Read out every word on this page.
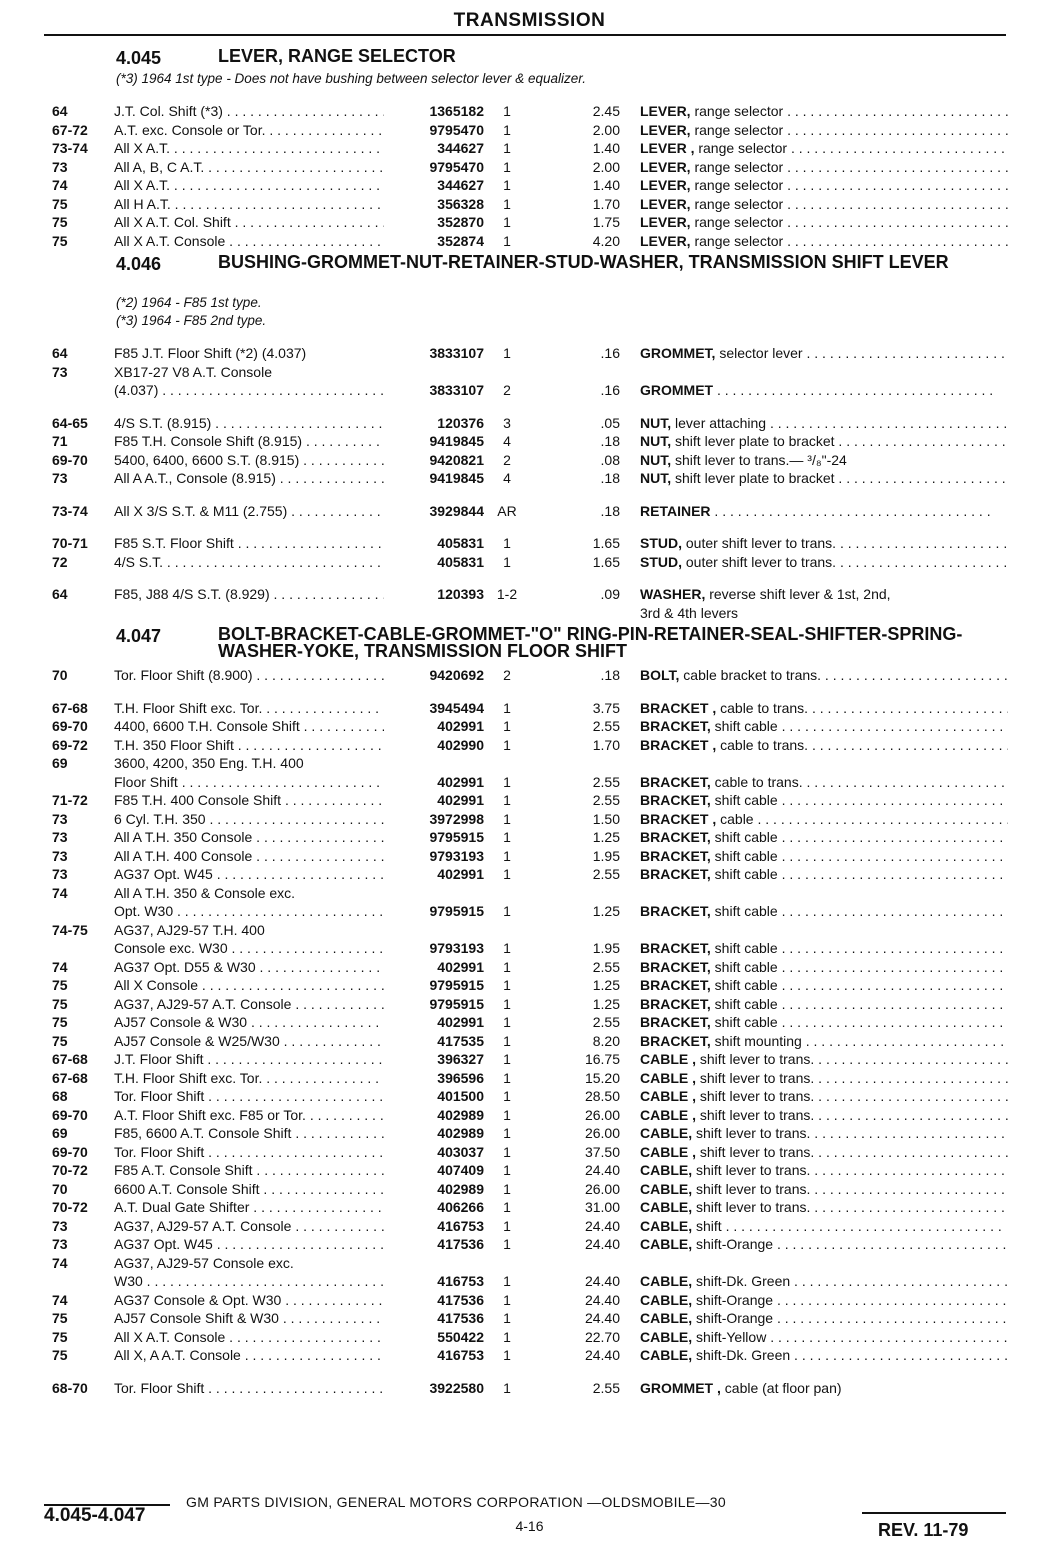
TRANSMISSION
4.045	LEVER, RANGE SELECTOR
(*3) 1964 1st type - Does not have bushing between selector lever & equalizer.
64	J.T. Col. Shift (*3) . . .	1365182	1	2.45 LEVER, range selector . . .
67-72 A.T. exc. Console or Tor. . . .	9795470	1	2.00 LEVER, range selector . . .
73-74 All X A.T. . . .	344627	1	1.40 LEVER , range selector . . .
73	All A, B, C A.T. . . .	9795470	1	2.00 LEVER, range selector . . .
74	All X A.T. . . .	344627	1	1.40 LEVER, range selector . . .
75	All H A.T. . . .	356328	1	1.70 LEVER, range selector . . .
75	All X A.T. Col. Shift . . .	352870	1	1.75 LEVER, range selector . . .
75	All X A.T. Console . . .	352874	1	4.20 LEVER, range selector . . .
4.046	BUSHING-GROMMET-NUT-RETAINER-STUD-WASHER, TRANSMISSION SHIFT LEVER
(*2) 1964 - F85 1st type.
(*3) 1964 - F85 2nd type.
64	F85 J.T. Floor Shift (*2) (4.037)	3833107	1	.16 GROMMET, selector lever . . .
73	XB17-27 V8 A.T. Console
(4.037) . . .	3833107	2	.16 GROMMET . . .
64-65 4/S S.T. (8.915) . . .	120376	3	.05 NUT, lever attaching . . .
71	F85 T.H. Console Shift (8.915) . . .	9419845	4	.18 NUT, shift lever plate to bracket . . .
69-70 5400, 6400, 6600 S.T. (8.915) . . .	9420821	2	.08 NUT, shift lever to trans.— ³/₈"-24
73	All A A.T., Console (8.915) . . .	9419845	4	.18 NUT, shift lever plate to bracket . . .
73-74 All X 3/S S.T. & M11 (2.755) . . .	3929844 AR	.18 RETAINER . . .
70-71 F85 S.T. Floor Shift . . .	405831	1	1.65 STUD, outer shift lever to trans. . . .
72	4/S S.T. . . .	405831	1	1.65 STUD, outer shift lever to trans. . . .
64	F85, J88 4/S S.T. (8.929) . . .	120393 1-2	.09 WASHER, reverse shift lever & 1st, 2nd,
3rd & 4th levers
4.047	BOLT-BRACKET-CABLE-GROMMET-"O" RING-PIN-RETAINER-SEAL-SHIFTER-SPRING-WASHER-YOKE, TRANSMISSION FLOOR SHIFT
70	Tor. Floor Shift (8.900) . . .	9420692	2	.18 BOLT, cable bracket to trans. . . .
67-68 T.H. Floor Shift exc. Tor. . . .	3945494	1	3.75 BRACKET , cable to trans. . . .
69-70 4400, 6600 T.H. Console Shift . . .	402991	1	2.55 BRACKET, shift cable . . .
69-72 T.H. 350 Floor Shift . . .	402990	1	1.70 BRACKET , cable to trans. . . .
69	3600, 4200, 350 Eng. T.H. 400
Floor Shift . . .	402991	1	2.55 BRACKET, cable to trans. . . .
71-72 F85 T.H. 400 Console Shift . . .	402991	1	2.55 BRACKET, shift cable . . .
73	6 Cyl. T.H. 350 . . .	3972998	1	1.50 BRACKET , cable . . .
73	All A T.H. 350 Console . . .	9795915	1	1.25 BRACKET, shift cable . . .
73	All A T.H. 400 Console . . .	9793193	1	1.95 BRACKET, shift cable . . .
73	AG37 Opt. W45 . . .	402991	1	2.55 BRACKET, shift cable . . .
74	All A T.H. 350 & Console exc.
Opt. W30 . . .	9795915	1	1.25 BRACKET, shift cable . . .
74-75 AG37, AJ29-57 T.H. 400
Console exc. W30 . . .	9793193	1	1.95 BRACKET, shift cable . . .
74	AG37 Opt. D55 & W30 . . .	402991	1	2.55 BRACKET, shift cable . . .
75	All X Console . . .	9795915	1	1.25 BRACKET, shift cable . . .
75	AG37, AJ29-57 A.T. Console . . .	9795915	1	1.25 BRACKET, shift cable . . .
75	AJ57 Console & W30 . . .	402991	1	2.55 BRACKET, shift cable . . .
75	AJ57 Console & W25/W30 . . .	417535	1	8.20 BRACKET, shift mounting . . .
67-68 J.T. Floor Shift . . .	396327	1	16.75 CABLE , shift lever to trans. . . .
67-68 T.H. Floor Shift exc. Tor. . . .	396596	1	15.20 CABLE , shift lever to trans. . . .
68	Tor. Floor Shift . . .	401500	1	28.50 CABLE , shift lever to trans. . . .
69-70 A.T. Floor Shift exc. F85 or Tor. . . .	402989	1	26.00 CABLE , shift lever to trans. . . .
69	F85, 6600 A.T. Console Shift . . .	402989	1	26.00 CABLE, shift lever to trans. . . .
69-70 Tor. Floor Shift . . .	403037	1	37.50 CABLE , shift lever to trans. . . .
70-72 F85 A.T. Console Shift . . .	407409	1	24.40 CABLE, shift lever to trans. . . .
70	6600 A.T. Console Shift . . .	402989	1	26.00 CABLE, shift lever to trans. . . .
70-72 A.T. Dual Gate Shifter . . .	406266	1	31.00 CABLE, shift lever to trans. . . .
73	AG37, AJ29-57 A.T. Console . . .	416753	1	24.40 CABLE, shift . . .
73	AG37 Opt. W45 . . .	417536	1	24.40 CABLE, shift-Orange . . .
74	AG37, AJ29-57 Console exc.
W30 . . .	416753	1	24.40 CABLE, shift-Dk. Green . . .
74	AG37 Console & Opt. W30 . . .	417536	1	24.40 CABLE, shift-Orange . . .
75	AJ57 Console Shift & W30 . . .	417536	1	24.40 CABLE, shift-Orange . . .
75	All X A.T. Console . . .	550422	1	22.70 CABLE, shift-Yellow . . .
75	All X, A A.T. Console . . .	416753	1	24.40 CABLE, shift-Dk. Green . . .
68-70 Tor. Floor Shift . . .	3922580	1	2.55 GROMMET , cable (at floor pan)
4.045-4.047
GM PARTS DIVISION, GENERAL MOTORS CORPORATION —OLDSMOBILE—30
4-16	REV. 11-79
